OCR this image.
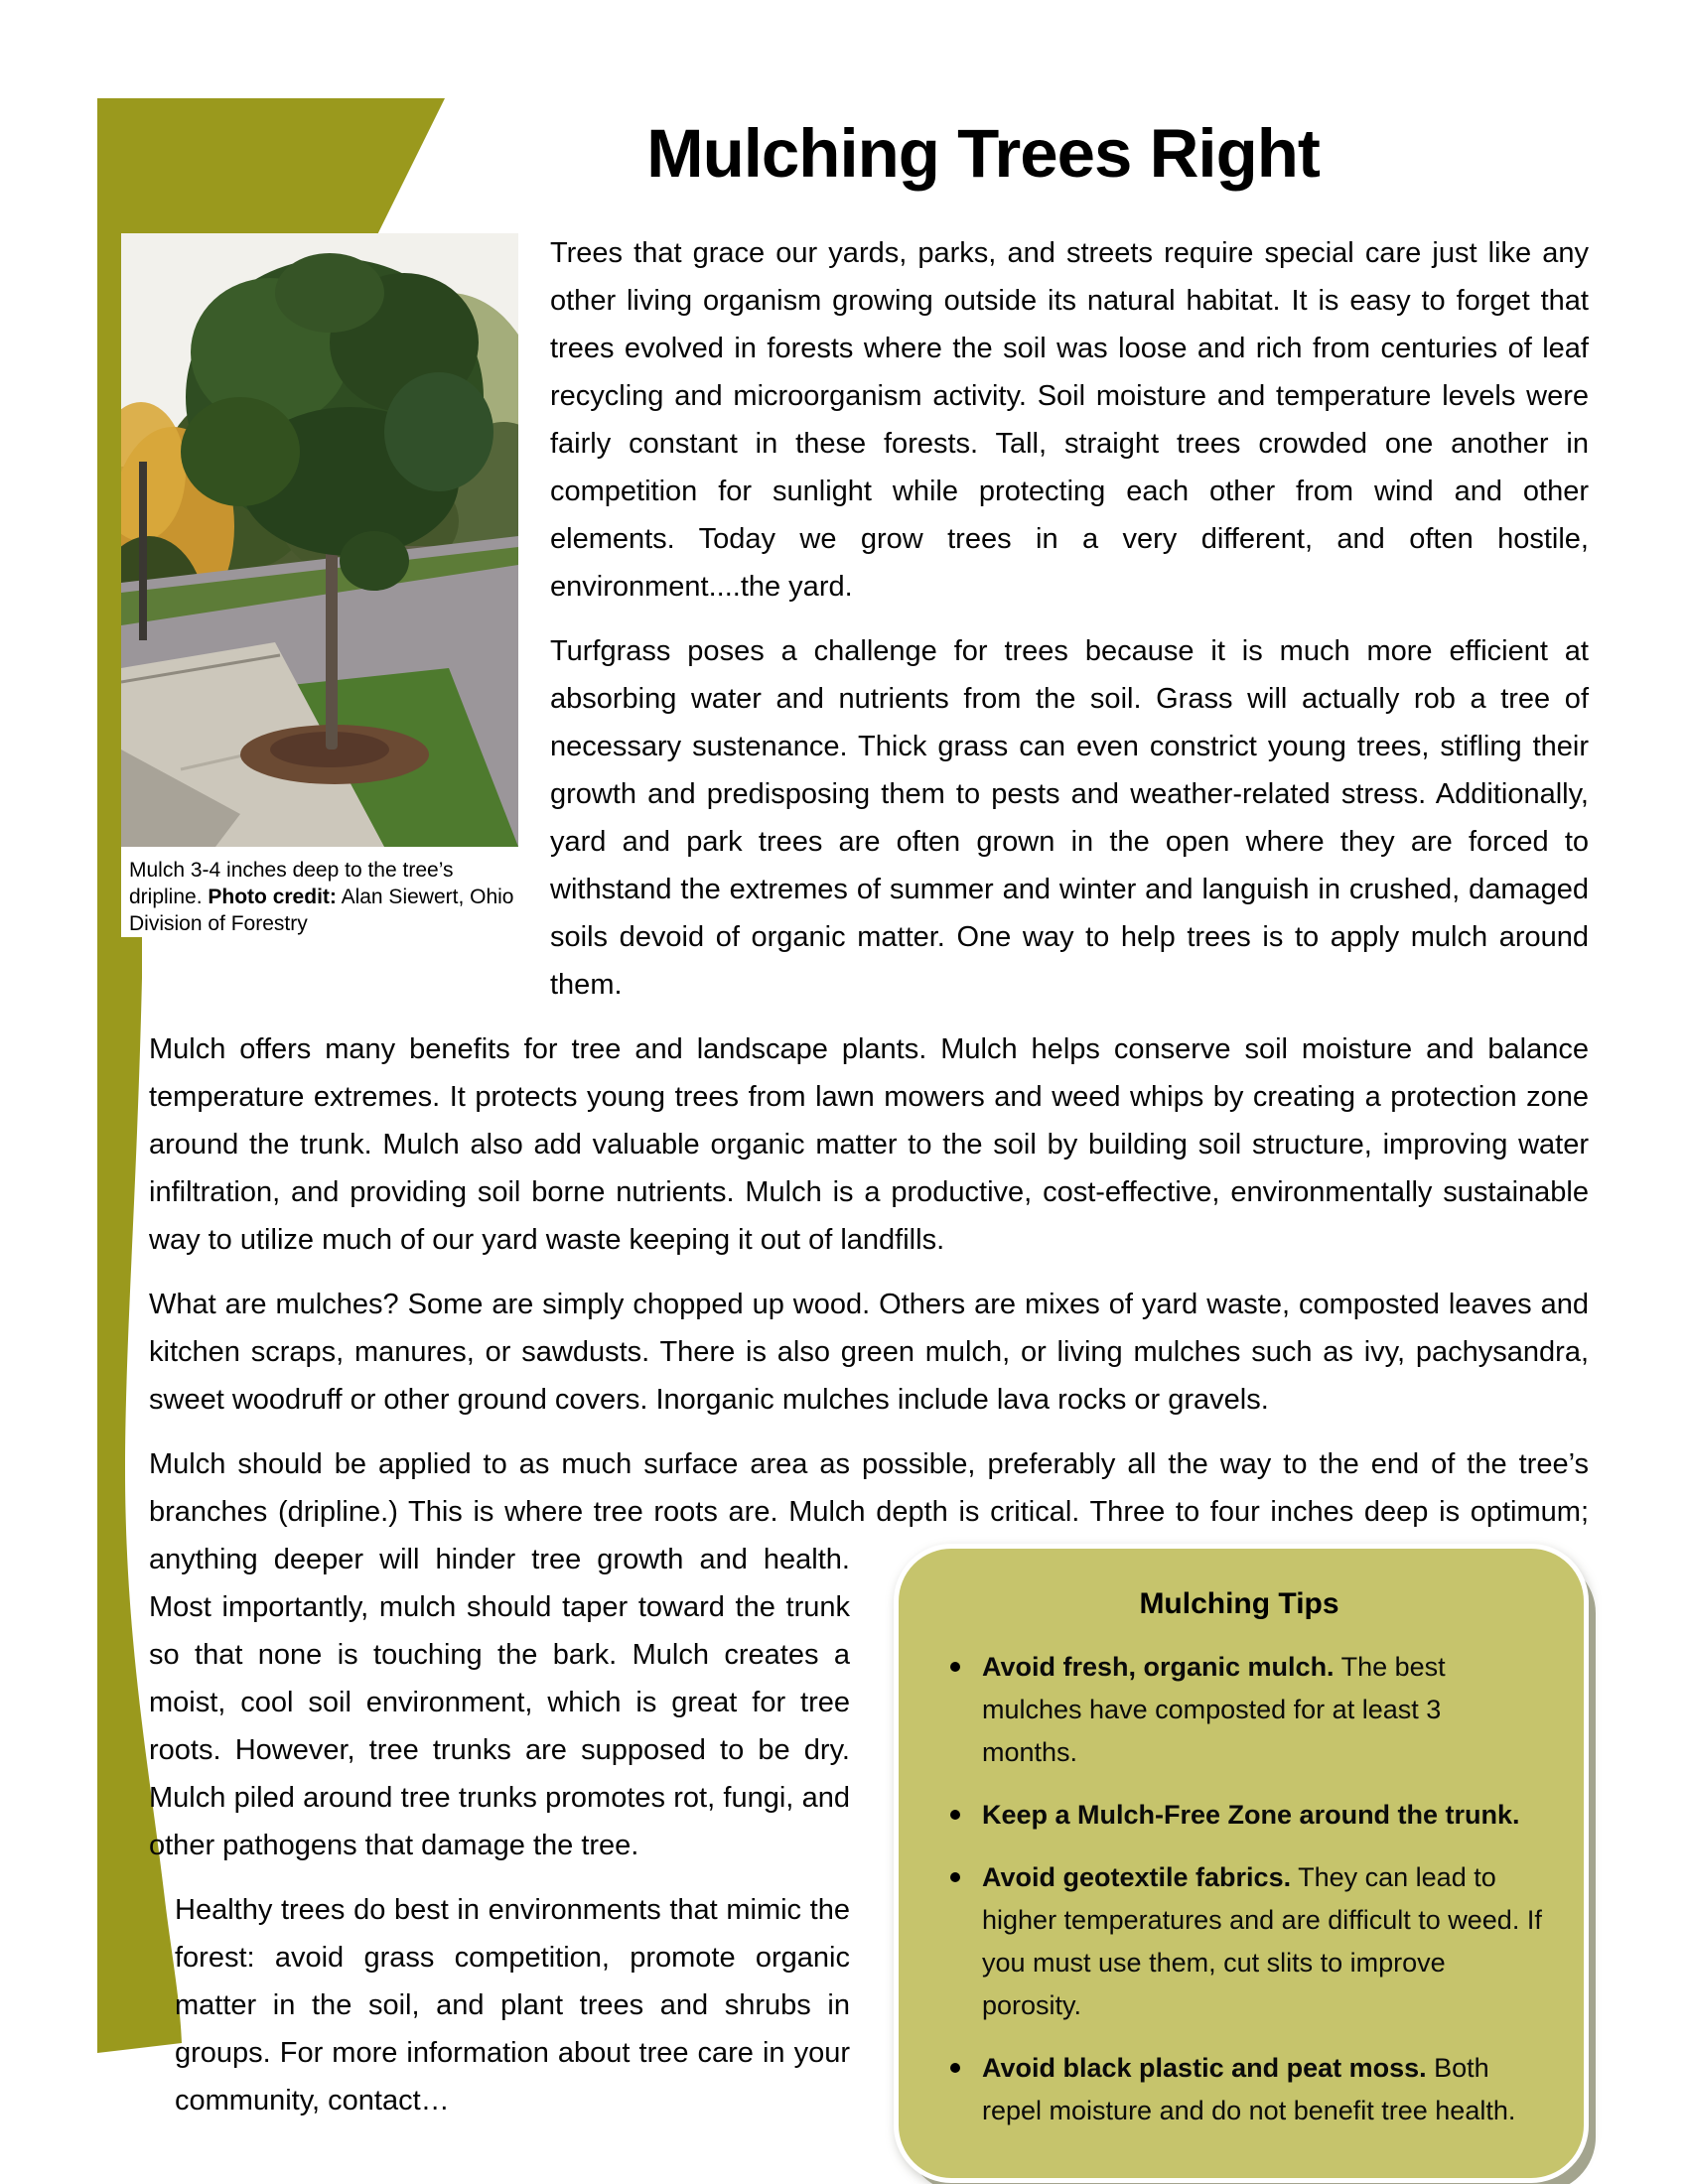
Mulching Trees Right
Mulch 3-4 inches deep to the tree’s dripline. Photo credit: Alan Siewert, Ohio Division of Forestry

Trees that grace our yards, parks, and streets require special care just like any other living organism growing outside its natural habitat. It is easy to forget that trees evolved in forests where the soil was loose and rich from centuries of leaf recycling and microorganism activity. Soil moisture and temperature levels were fairly constant in these forests. Tall, straight trees crowded one another in competition for sunlight while protecting each other from wind and other elements. Today we grow trees in a very different, and often hostile, environment....the yard.

Turfgrass poses a challenge for trees because it is much more efficient at absorbing water and nutrients from the soil. Grass will actually rob a tree of necessary sustenance. Thick grass can even constrict young trees, stifling their growth and predisposing them to pests and weather-related stress. Additionally, yard and park trees are often grown in the open where they are forced to withstand the extremes of summer and winter and languish in crushed, damaged soils devoid of organic matter. One way to help trees is to apply mulch around them.

Mulch offers many benefits for tree and landscape plants. Mulch helps conserve soil moisture and balance temperature extremes. It protects young trees from lawn mowers and weed whips by creating a protection zone around the trunk. Mulch also add valuable organic matter to the soil by building soil structure, improving water infiltration, and providing soil borne nutrients. Mulch is a productive, cost-effective, environmentally sustainable way to utilize much of our yard waste keeping it out of landfills.

What are mulches? Some are simply chopped up wood. Others are mixes of yard waste, composted leaves and kitchen scraps, manures, or sawdusts. There is also green mulch, or living mulches such as ivy, pachysandra, sweet woodruff or other ground covers. Inorganic mulches include lava rocks or gravels.

Mulch should be applied to as much surface area as possible, preferably all the way to the end of the tree’s branches (dripline.) This is where tree roots are. Mulch depth is critical. Three to four inches deep
Mulching Tips
Avoid fresh, organic mulch. The best mulches have composted for at least 3 months.
Keep a Mulch-Free Zone around the trunk.
Avoid geotextile fabrics. They can lead to higher temperatures and are difficult to weed. If you must use them, cut slits to improve porosity.
Avoid black plastic and peat moss. Both repel moisture and do not benefit tree health.
is optimum; anything deeper will hinder tree growth and health. Most importantly, mulch should taper toward the trunk so that none is touching the bark. Mulch creates a moist, cool soil environment, which is great for tree roots. However, tree trunks are supposed to be dry. Mulch piled around tree trunks promotes rot, fungi, and other pathogens that damage the tree.

Healthy trees do best in environments that mimic the forest: avoid grass competition, promote organic matter in the soil, and plant trees and shrubs in groups. For more information about tree care in your community, contact…
